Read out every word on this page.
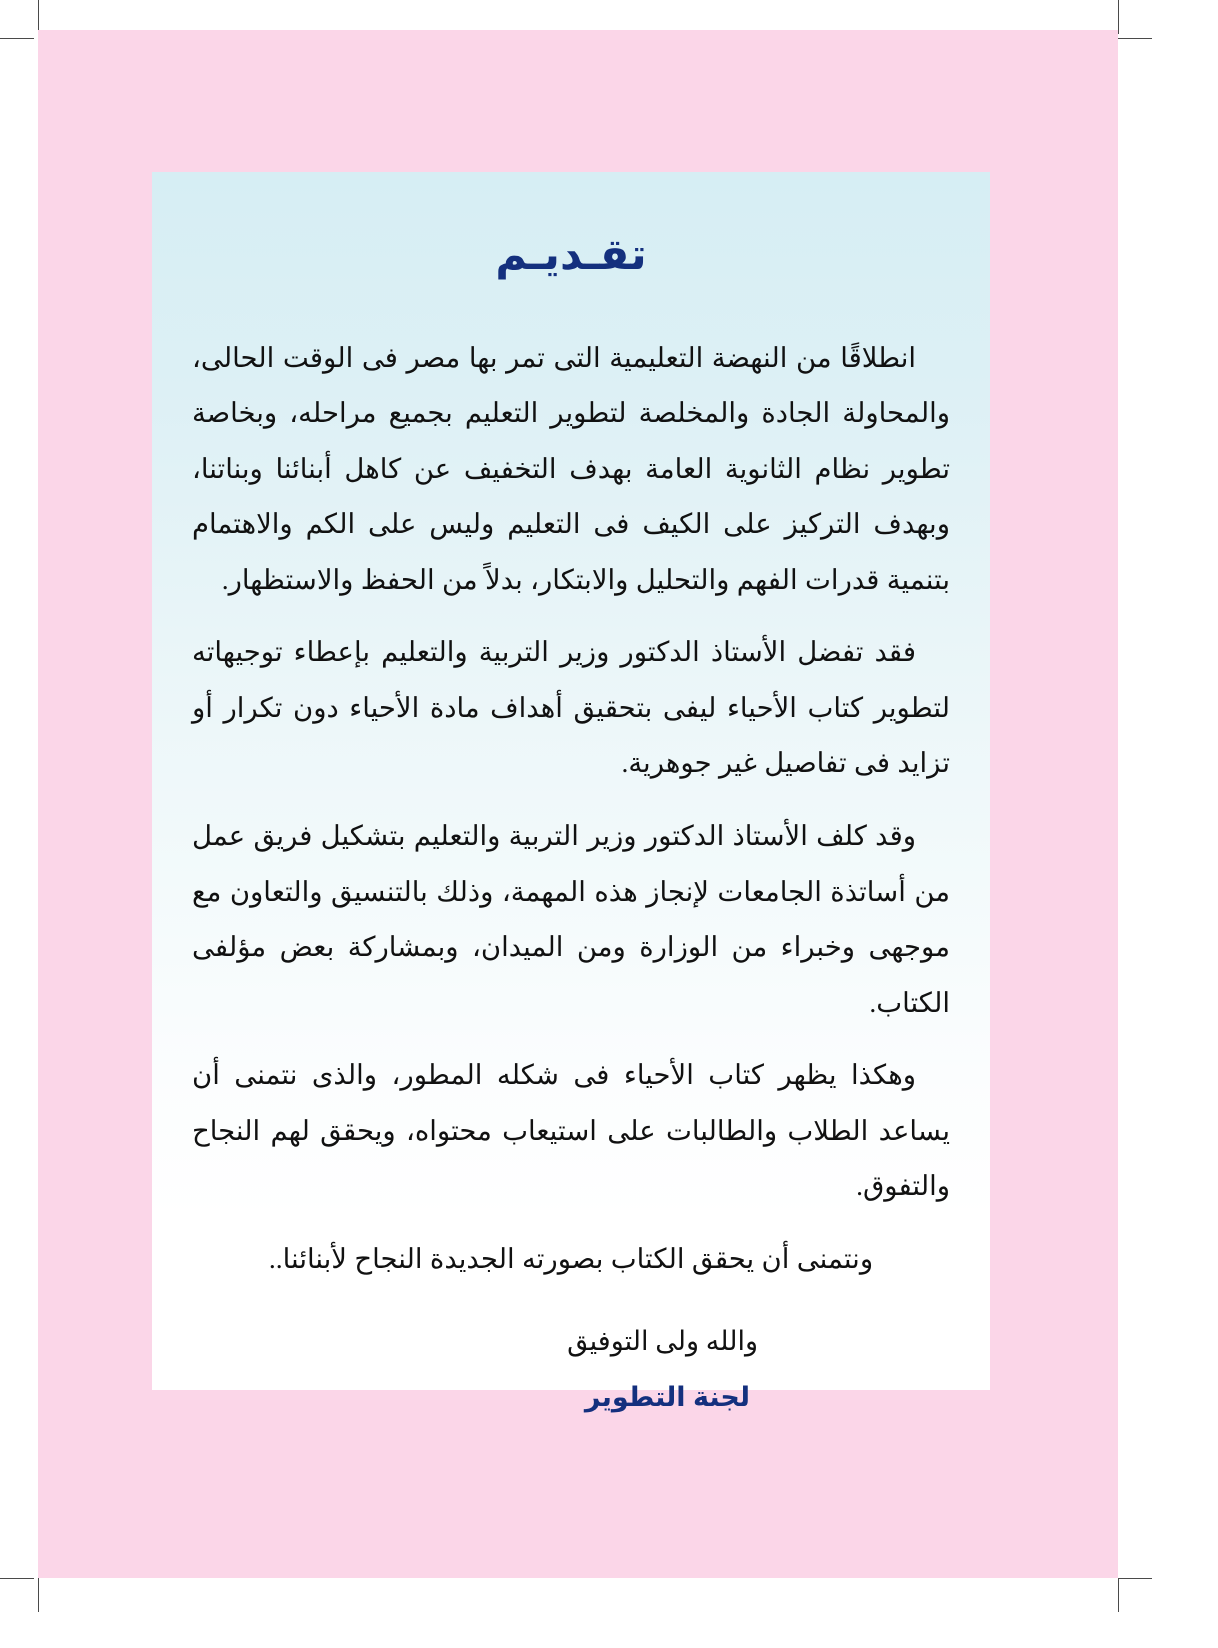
تقـديـم

انطلاقًا من النهضة التعليمية التى تمر بها مصر فى الوقت الحالى، والمحاولة الجادة والمخلصة لتطوير التعليم بجميع مراحله، وبخاصة تطوير نظام الثانوية العامة بهدف التخفيف عن كاهل أبنائنا وبناتنا، وبهدف التركيز على الكيف فى التعليم وليس على الكم والاهتمام بتنمية قدرات الفهم والتحليل والابتكار، بدلاً من الحفظ والاستظهار.

فقد تفضل الأستاذ الدكتور وزير التربية والتعليم بإعطاء توجيهاته لتطوير كتاب الأحياء ليفى بتحقيق أهداف مادة الأحياء دون تكرار أو تزايد فى تفاصيل غير جوهرية.

وقد كلف الأستاذ الدكتور وزير التربية والتعليم بتشكيل فريق عمل من أساتذة الجامعات لإنجاز هذه المهمة، وذلك بالتنسيق والتعاون مع موجهى وخبراء من الوزارة ومن الميدان، وبمشاركة بعض مؤلفى الكتاب.

وهكذا يظهر كتاب الأحياء فى شكله المطور، والذى نتمنى أن يساعد الطلاب والطالبات على استيعاب محتواه، ويحقق لهم النجاح والتفوق.

ونتمنى أن يحقق الكتاب بصورته الجديدة النجاح لأبنائنا..

والله ولى التوفيق

لجنة التطوير
